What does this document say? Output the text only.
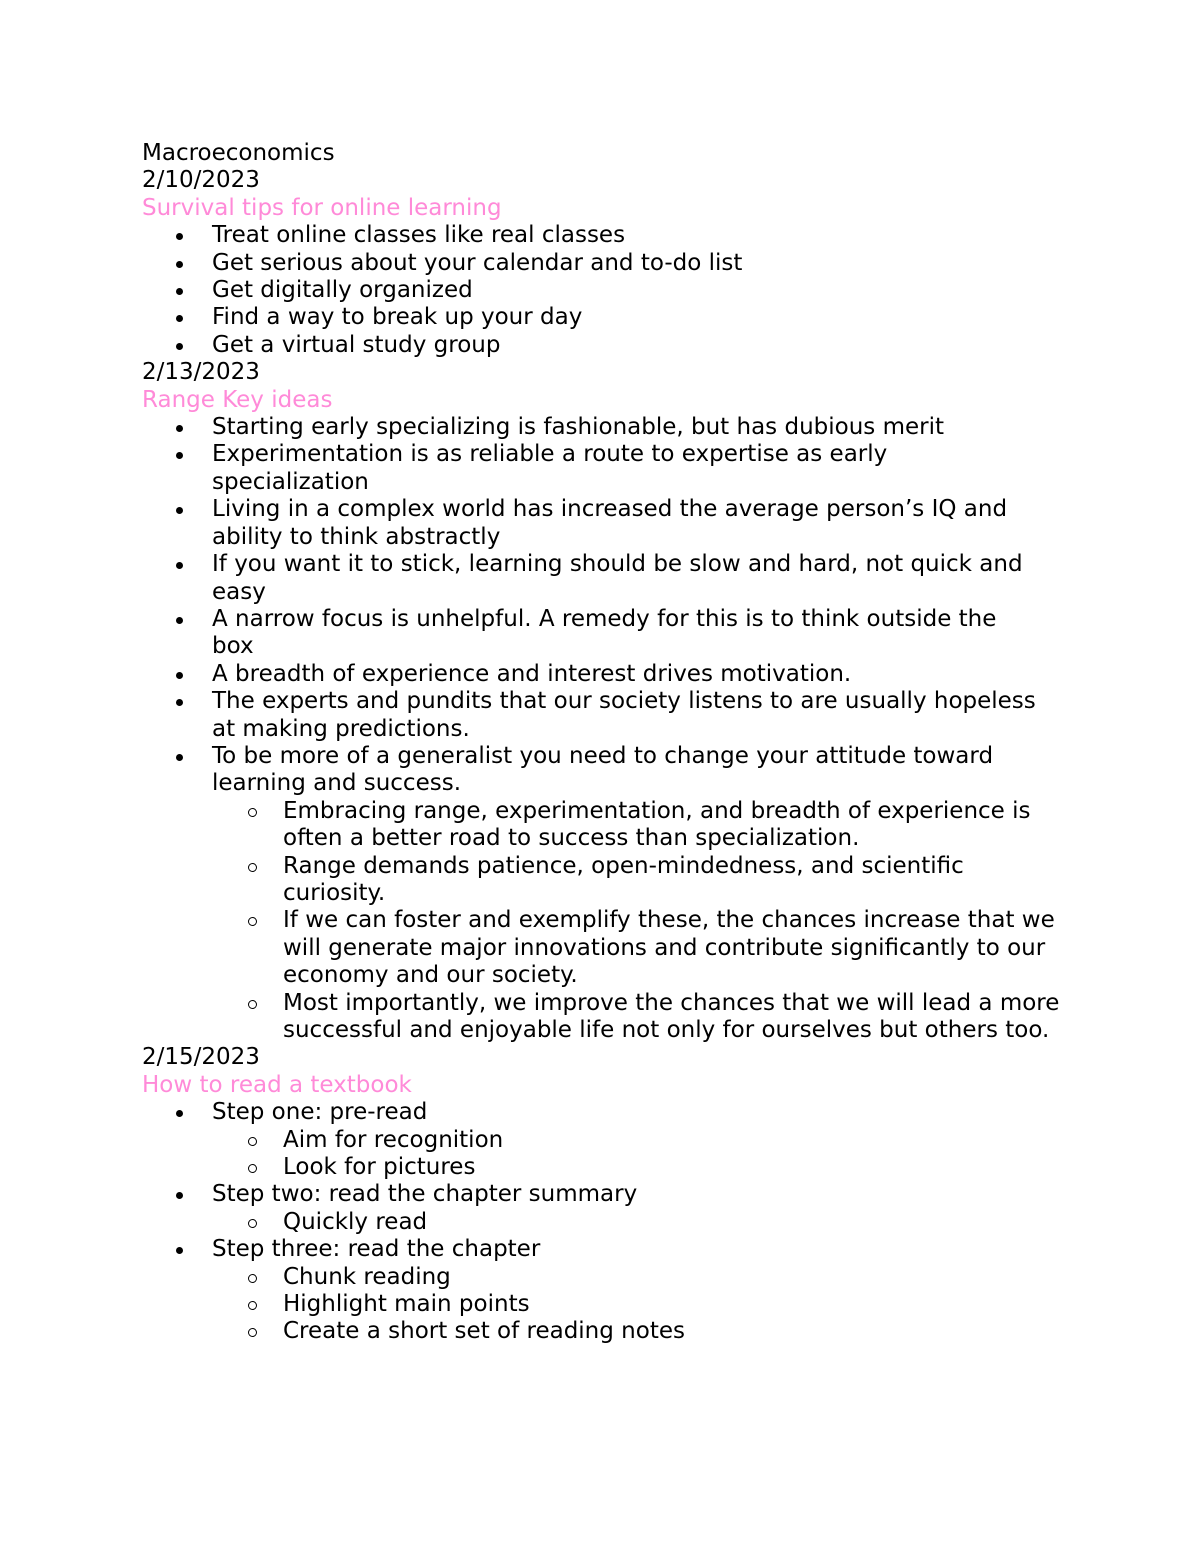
Macroeconomics

2/10/2023

Survival tips for online learning

Treat online classes like real classes
Get serious about your calendar and to-do list
Get digitally organized
Find a way to break up your day
Get a virtual study group

2/13/2023

Range Key ideas

Starting early specializing is fashionable, but has dubious merit
Experimentation is as reliable a route to expertise as early specialization
Living in a complex world has increased the average person’s IQ and ability to think abstractly
If you want it to stick, learning should be slow and hard, not quick and easy
A narrow focus is unhelpful. A remedy for this is to think outside the box
A breadth of experience and interest drives motivation.
The experts and pundits that our society listens to are usually hopeless at making predictions.
To be more of a generalist you need to change your attitude toward learning and success.
Embracing range, experimentation, and breadth of experience is often a better road to success than specialization.
Range demands patience, open-mindedness, and scientific curiosity.
If we can foster and exemplify these, the chances increase that we will generate major innovations and contribute significantly to our economy and our society.
Most importantly, we improve the chances that we will lead a more successful and enjoyable life not only for ourselves but others too.

2/15/2023

How to read a textbook

Step one: pre-read
Aim for recognition
Look for pictures
Step two: read the chapter summary
Quickly read
Step three: read the chapter
Chunk reading
Highlight main points
Create a short set of reading notes
